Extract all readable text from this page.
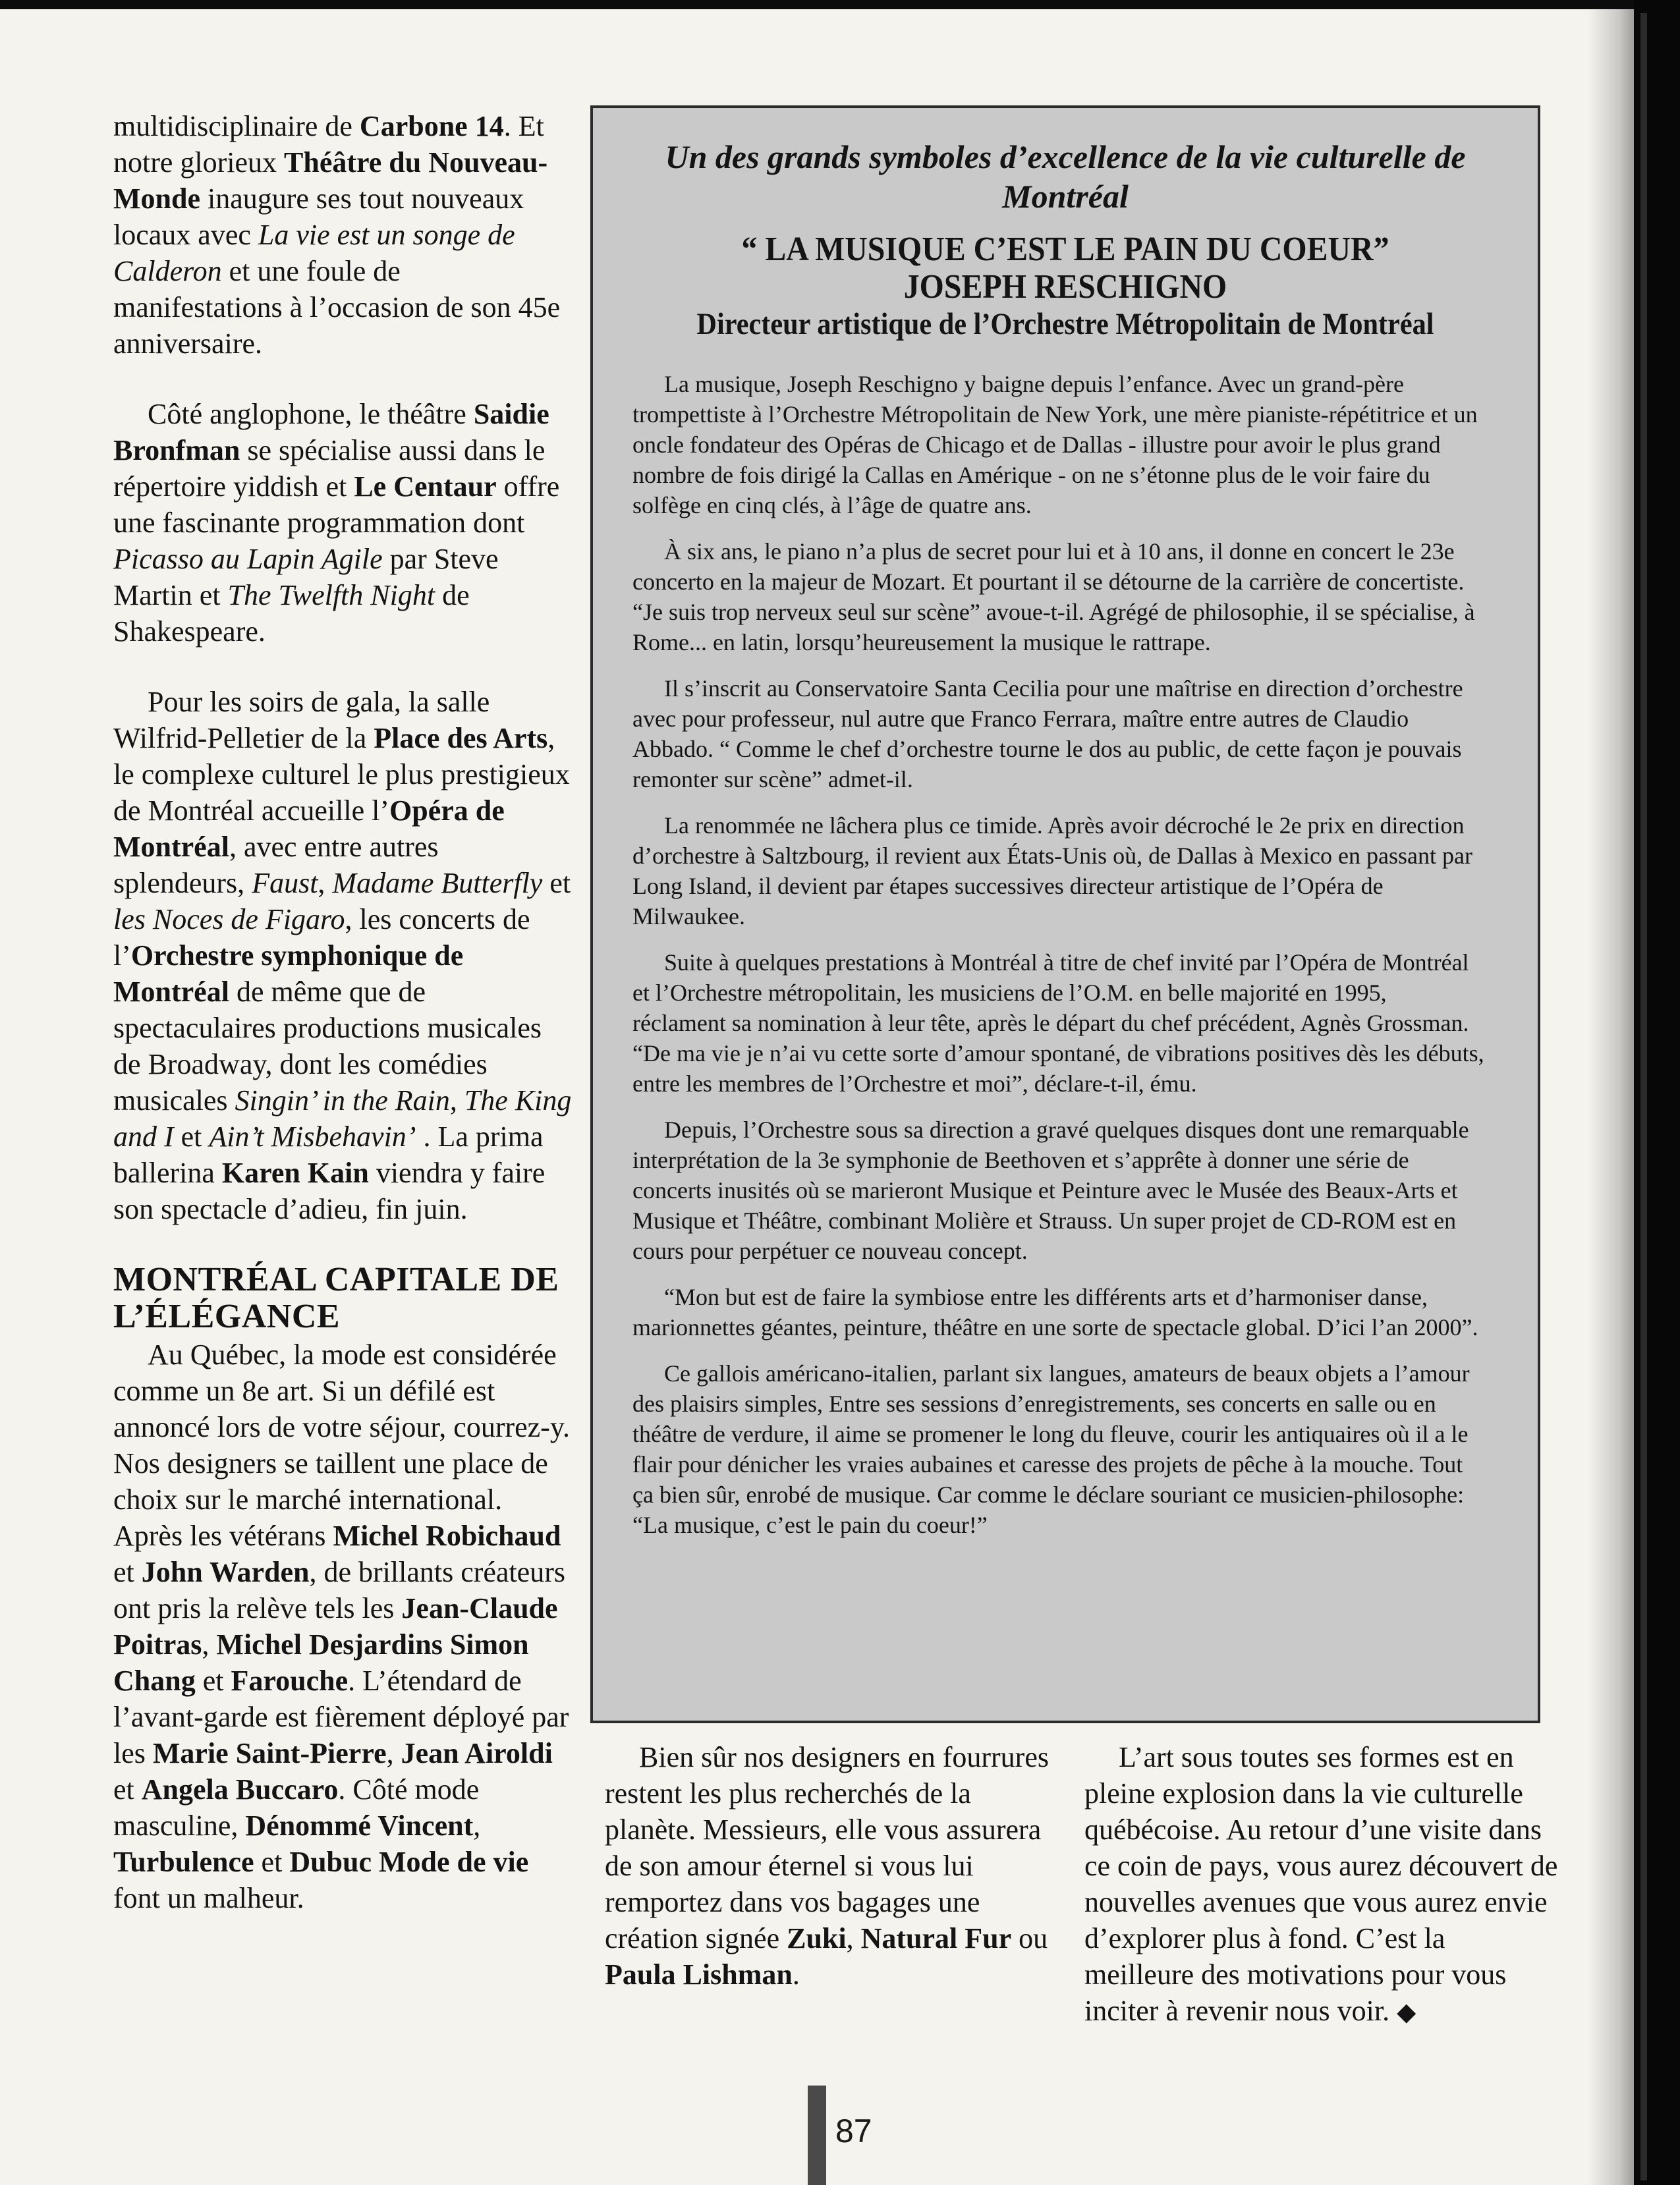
multidisciplinaire de Carbone 14. Et notre glorieux Théâtre du Nouveau-Monde inaugure ses tout nouveaux locaux avec La vie est un songe de Calderon et une foule de manifestations à l’occasion de son 45e anniversaire.

Côté anglophone, le théâtre Saidie Bronfman se spécialise aussi dans le répertoire yiddish et Le Centaur offre une fascinante programmation dont Picasso au Lapin Agile par Steve Martin et The Twelfth Night de Shakespeare.

Pour les soirs de gala, la salle Wilfrid-Pelletier de la Place des Arts, le complexe culturel le plus prestigieux de Montréal accueille l’Opéra de Montréal, avec entre autres splendeurs, Faust, Madame Butterfly et les Noces de Figaro, les concerts de l’Orchestre symphonique de Montréal de même que de spectaculaires productions musicales de Broadway, dont les comédies musicales Singin’ in the Rain, The King and I et Ain’t Misbehavin’ . La prima ballerina Karen Kain viendra y faire son spectacle d’adieu, fin juin.

MONTRÉAL CAPITALE DE L’ÉLÉGANCE

Au Québec, la mode est considérée comme un 8e art. Si un défilé est annoncé lors de votre séjour, courrez-y. Nos designers se taillent une place de choix sur le marché international. Après les vétérans Michel Robichaud et John Warden, de brillants créateurs ont pris la relève tels les Jean-Claude Poitras, Michel Desjardins Simon Chang et Farouche. L’étendard de l’avant-garde est fièrement déployé par les Marie Saint-Pierre, Jean Airoldi et Angela Buccaro. Côté mode masculine, Dénommé Vincent, Turbulence et Dubuc Mode de vie font un malheur.

Un des grands symboles d’excellence de la vie culturelle de Montréal
“ LA MUSIQUE C’EST LE PAIN DU COEUR”
JOSEPH RESCHIGNO
Directeur artistique de l’Orchestre Métropolitain de Montréal

La musique, Joseph Reschigno y baigne depuis l’enfance. Avec un grand-père trompettiste à l’Orchestre Métropolitain de New York, une mère pianiste-répétitrice et un oncle fondateur des Opéras de Chicago et de Dallas - illustre pour avoir le plus grand nombre de fois dirigé la Callas en Amérique - on ne s’étonne plus de le voir faire du solfège en cinq clés, à l’âge de quatre ans.

À six ans, le piano n’a plus de secret pour lui et à 10 ans, il donne en concert le 23e concerto en la majeur de Mozart. Et pourtant il se détourne de la carrière de concertiste. “Je suis trop nerveux seul sur scène” avoue-t-il. Agrégé de philosophie, il se spécialise, à Rome... en latin, lorsqu’heureusement la musique le rattrape.

Il s’inscrit au Conservatoire Santa Cecilia pour une maîtrise en direction d’orchestre avec pour professeur, nul autre que Franco Ferrara, maître entre autres de Claudio Abbado. “ Comme le chef d’orchestre tourne le dos au public, de cette façon je pouvais remonter sur scène” admet-il.

La renommée ne lâchera plus ce timide. Après avoir décroché le 2e prix en direction d’orchestre à Saltzbourg, il revient aux États-Unis où, de Dallas à Mexico en passant par Long Island, il devient par étapes successives directeur artistique de l’Opéra de Milwaukee.

Suite à quelques prestations à Montréal à titre de chef invité par l’Opéra de Montréal et l’Orchestre métropolitain, les musiciens de l’O.M. en belle majorité en 1995, réclament sa nomination à leur tête, après le départ du chef précédent, Agnès Grossman. “De ma vie je n’ai vu cette sorte d’amour spontané, de vibrations positives dès les débuts, entre les membres de l’Orchestre et moi”, déclare-t-il, ému.

Depuis, l’Orchestre sous sa direction a gravé quelques disques dont une remarquable interprétation de la 3e symphonie de Beethoven et s’apprête à donner une série de concerts inusités où se marieront Musique et Peinture avec le Musée des Beaux-Arts et Musique et Théâtre, combinant Molière et Strauss. Un super projet de CD-ROM est en cours pour perpétuer ce nouveau concept.

“Mon but est de faire la symbiose entre les différents arts et d’harmoniser danse, marionnettes géantes, peinture, théâtre en une sorte de spectacle global. D’ici l’an 2000”.

Ce gallois américano-italien, parlant six langues, amateurs de beaux objets a l’amour des plaisirs simples, Entre ses sessions d’enregistrements, ses concerts en salle ou en théâtre de verdure, il aime se promener le long du fleuve, courir les antiquaires où il a le flair pour dénicher les vraies aubaines et caresse des projets de pêche à la mouche. Tout ça bien sûr, enrobé de musique. Car comme le déclare souriant ce musicien-philosophe: “La musique, c’est le pain du coeur!”

Bien sûr nos designers en fourrures restent les plus recherchés de la planète. Messieurs, elle vous assurera de son amour éternel si vous lui remportez dans vos bagages une création signée Zuki, Natural Fur ou Paula Lishman.

L’art sous toutes ses formes est en pleine explosion dans la vie culturelle québécoise. Au retour d’une visite dans ce coin de pays, vous aurez découvert de nouvelles avenues que vous aurez envie d’explorer plus à fond. C’est la meilleure des motivations pour vous inciter à revenir nous voir. ◆

87
